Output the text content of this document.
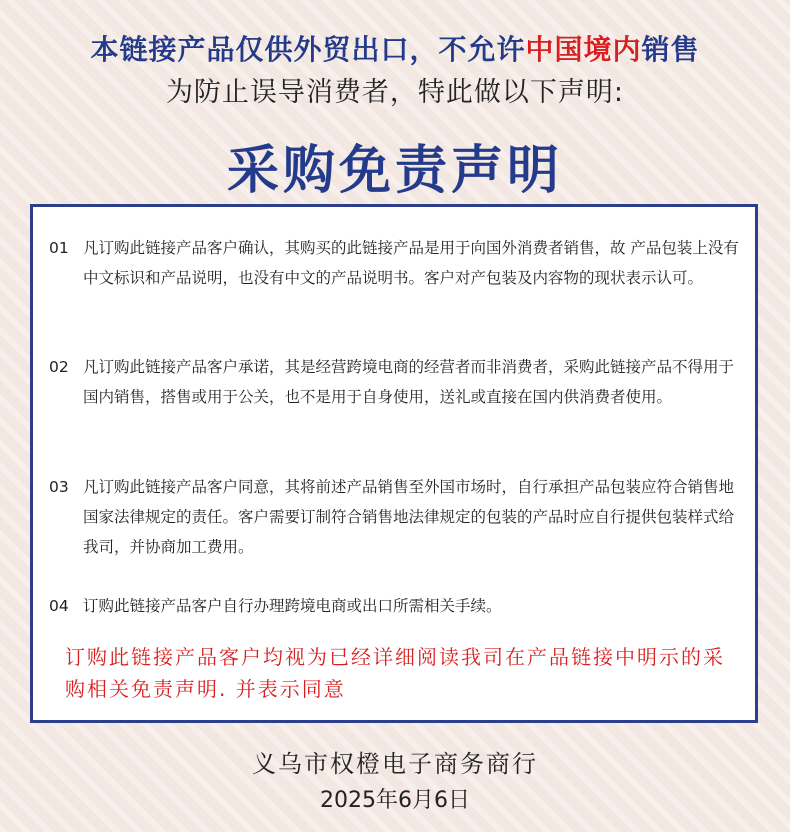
本链接产品仅供外贸出口，不允许中国境内销售
为防止误导消费者，特此做以下声明:
采购免责声明
01 凡订购此链接产品客户确认，其购买的此链接产品是用于向国外消费者销售，故 产品包装上没有中文标识和产品说明，也没有中文的产品说明书。客户对产包装及内容物的现状表示认可。
02 凡订购此链接产品客户承诺，其是经营跨境电商的经营者而非消费者，采购此链接产品不得用于国内销售，搭售或用于公关，也不是用于自身使用，送礼或直接在国内供消费者使用。
03 凡订购此链接产品客户同意，其将前述产品销售至外国市场时，自行承担产品包装应符合销售地国家法律规定的责任。客户需要订制符合销售地法律规定的包装的产品时应自行提供包装样式给我司，并协商加工费用。
04 订购此链接产品客户自行办理跨境电商或出口所需相关手续。
订购此链接产品客户均视为已经详细阅读我司在产品链接中明示的采购相关免责声明. 并表示同意
义乌市权橙电子商务商行
2025年6月6日
